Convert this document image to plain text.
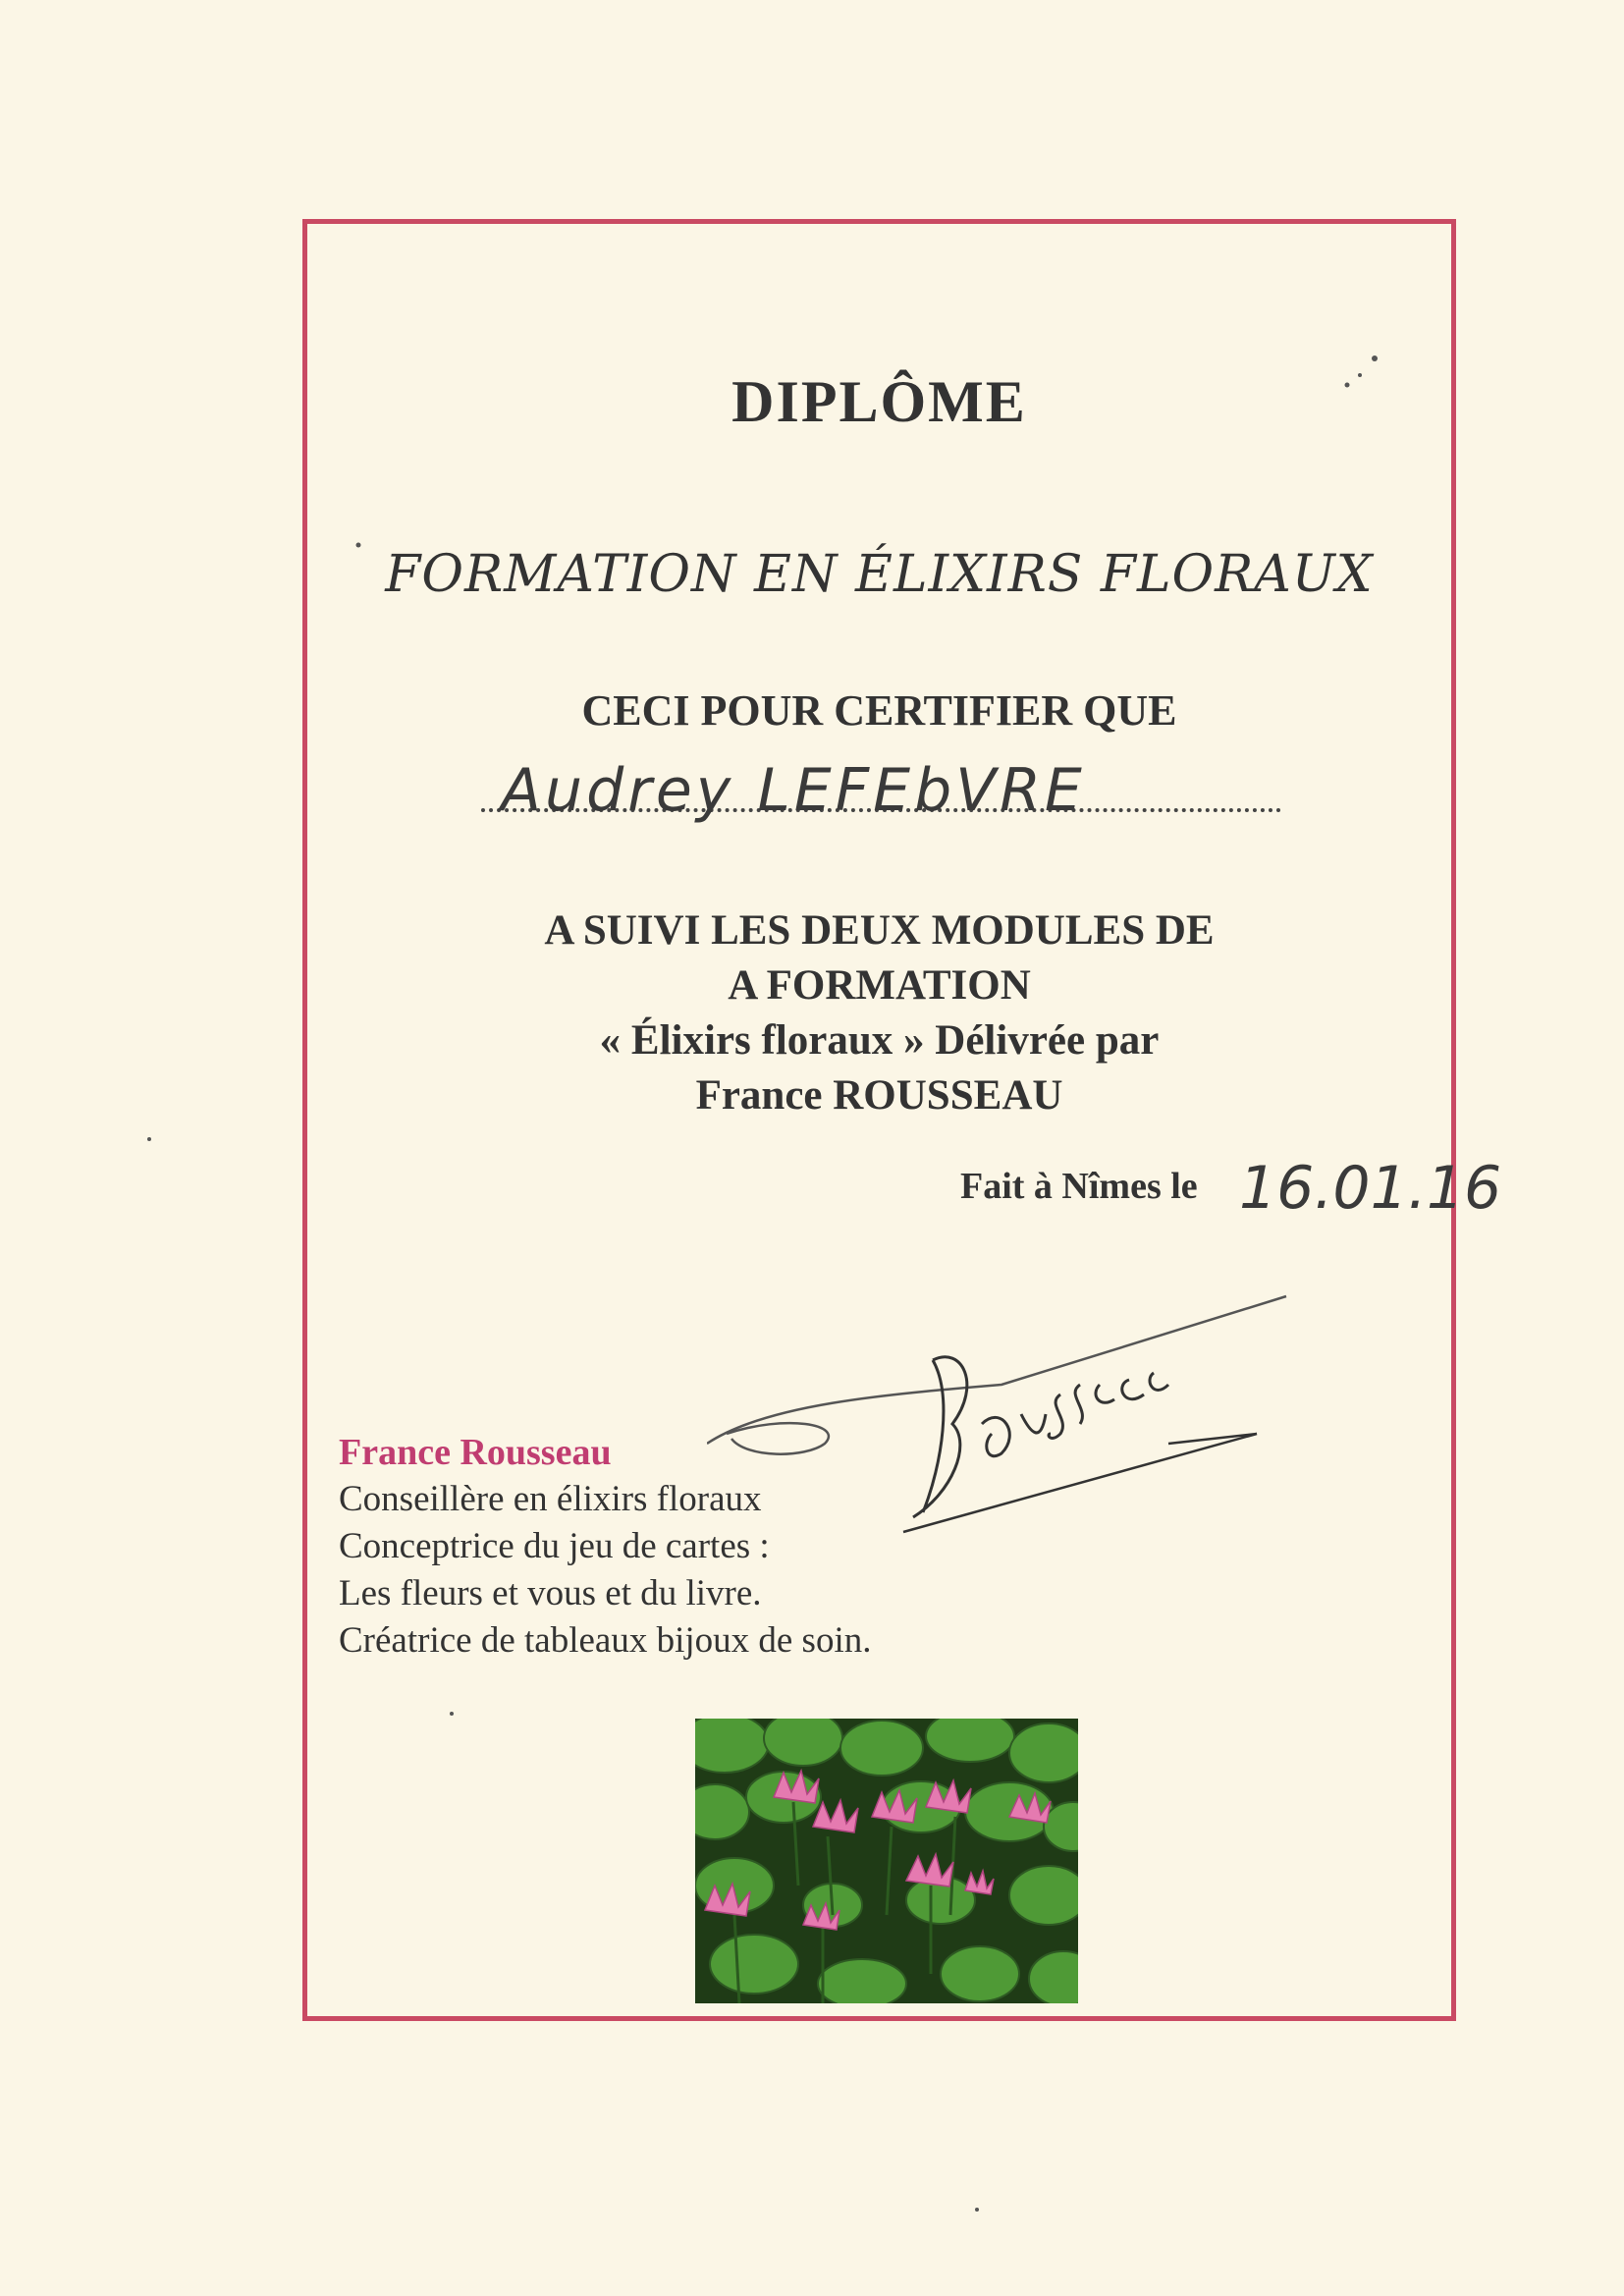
DIPLÔME
FORMATION EN ÉLIXIRS FLORAUX
CECI POUR CERTIFIER QUE
Audrey LEFEbVRE
A SUIVI LES DEUX MODULES DE
A FORMATION
« Élixirs floraux » Délivrée par
France ROUSSEAU
Fait à Nîmes le 16.01.16
France Rousseau
Conseillère en élixirs floraux
Conceptrice du jeu de cartes :
Les fleurs et vous et du livre.
Créatrice de tableaux bijoux de soin.
